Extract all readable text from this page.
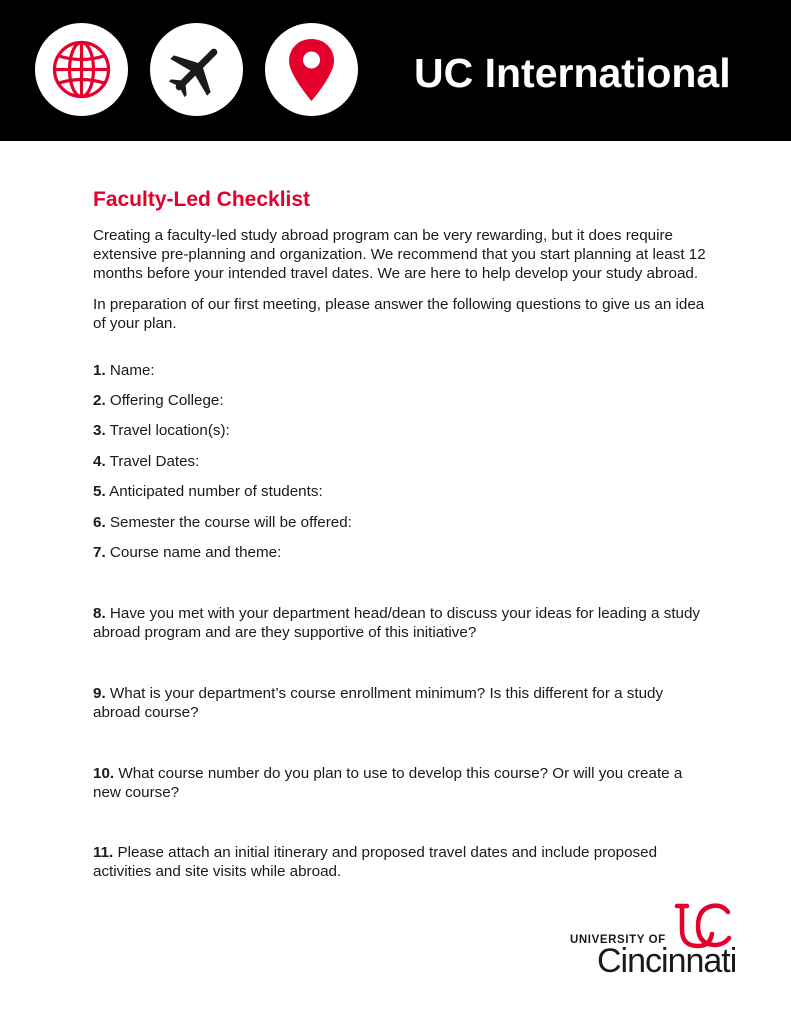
UC International
Faculty-Led Checklist

Creating a faculty-led study abroad program can be very rewarding, but it does require extensive pre-planning and organization. We recommend that you start planning at least 12 months before your intended travel dates. We are here to help develop your study abroad.

In preparation of our first meeting, please answer the following questions to give us an idea of your plan.

1. Name:

2. Offering College:

3. Travel location(s):

4. Travel Dates:

5. Anticipated number of students:

6. Semester the course will be offered:

7. Course name and theme:

8. Have you met with your department head/dean to discuss your ideas for leading a study abroad program and are they supportive of this initiative?

9. What is your department’s course enrollment minimum? Is this different for a study abroad course?

10. What course number do you plan to use to develop this course? Or will you create a new course?

11. Please attach an initial itinerary and proposed travel dates and include proposed activities and site visits while abroad.

UNIVERSITY OF
Cincinnati
